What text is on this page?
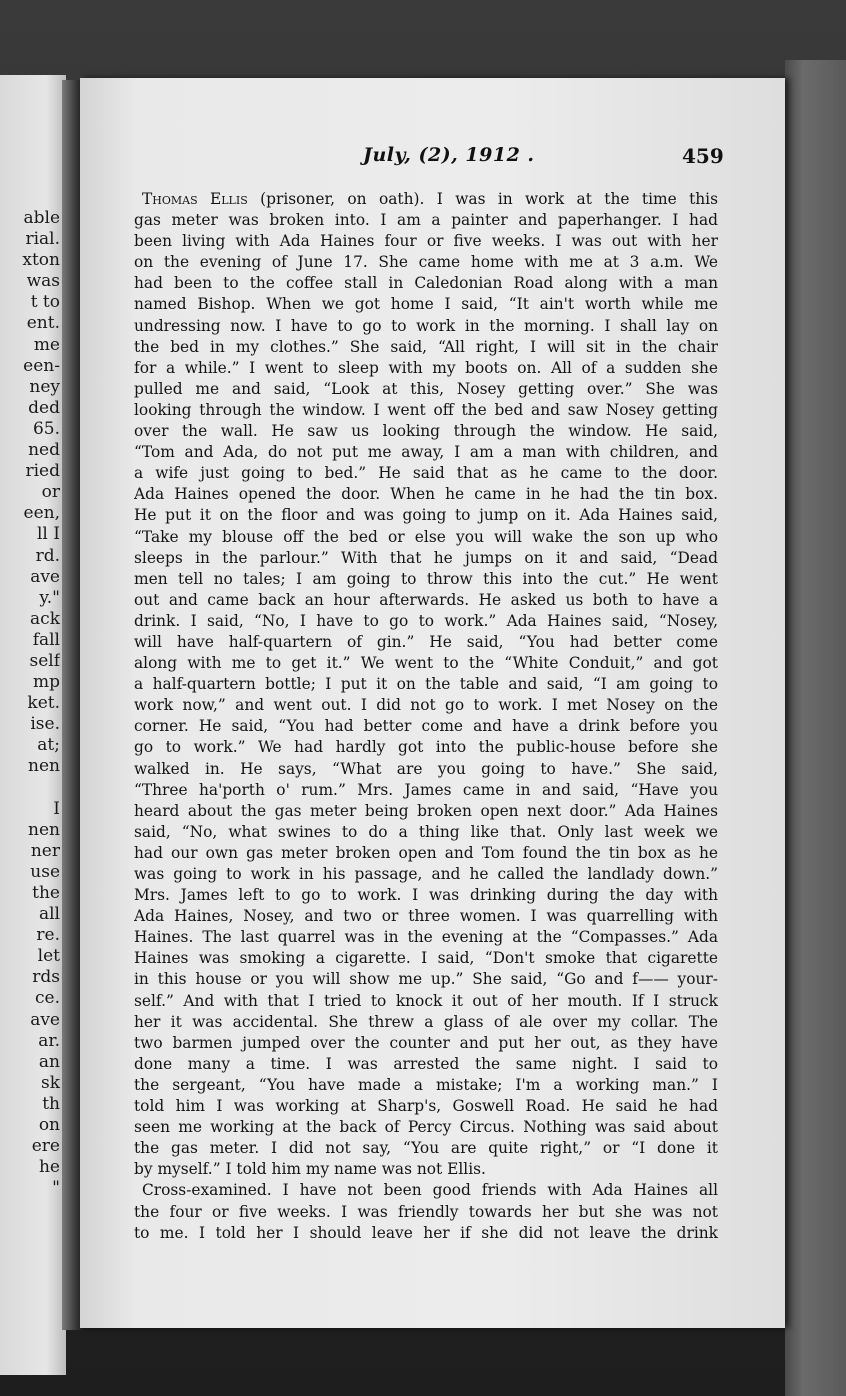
able
rial.
xton
was
t to
ent.
me
een-
ney
ded
65.
ned
ried
or
een,
ll I
rd.
ave
y."
ack
fall
self
mp
ket.
ise.
at;
nen
I
nen
ner
use
the
all
re.
let
rds
ce.
ave
ar.
an
sk
th
on
ere
he
"
July, (2), 1912 .	459
Thomas Ellis (prisoner, on oath). I was in work at the time this
gas meter was broken into. I am a painter and paperhanger. I had
been living with Ada Haines four or five weeks. I was out with her
on the evening of June 17. She came home with me at 3 a.m. We
had been to the coffee stall in Caledonian Road along with a man
named Bishop. When we got home I said, “It ain't worth while me
undressing now. I have to go to work in the morning. I shall lay on
the bed in my clothes.” She said, “All right, I will sit in the chair
for a while.” I went to sleep with my boots on. All of a sudden she
pulled me and said, “Look at this, Nosey getting over.” She was
looking through the window. I went off the bed and saw Nosey getting
over the wall. He saw us looking through the window. He said,
“Tom and Ada, do not put me away, I am a man with children, and
a wife just going to bed.” He said that as he came to the door.
Ada Haines opened the door. When he came in he had the tin box.
He put it on the floor and was going to jump on it. Ada Haines said,
“Take my blouse off the bed or else you will wake the son up who
sleeps in the parlour.” With that he jumps on it and said, “Dead
men tell no tales; I am going to throw this into the cut.” He went
out and came back an hour afterwards. He asked us both to have a
drink. I said, “No, I have to go to work.” Ada Haines said, “Nosey,
will have half-quartern of gin.” He said, “You had better come
along with me to get it.” We went to the “White Conduit,” and got
a half-quartern bottle; I put it on the table and said, “I am going to
work now,” and went out. I did not go to work. I met Nosey on the
corner. He said, “You had better come and have a drink before you
go to work.” We had hardly got into the public-house before she
walked in. He says, “What are you going to have.” She said,
“Three ha'porth o' rum.” Mrs. James came in and said, “Have you
heard about the gas meter being broken open next door.” Ada Haines
said, “No, what swines to do a thing like that. Only last week we
had our own gas meter broken open and Tom found the tin box as he
was going to work in his passage, and he called the landlady down.”
Mrs. James left to go to work. I was drinking during the day with
Ada Haines, Nosey, and two or three women. I was quarrelling with
Haines. The last quarrel was in the evening at the “Compasses.” Ada
Haines was smoking a cigarette. I said, “Don't smoke that cigarette
in this house or you will show me up.” She said, “Go and f—— your-
self.” And with that I tried to knock it out of her mouth. If I struck
her it was accidental. She threw a glass of ale over my collar. The
two barmen jumped over the counter and put her out, as they have
done many a time. I was arrested the same night. I said to
the sergeant, “You have made a mistake; I'm a working man.” I
told him I was working at Sharp's, Goswell Road. He said he had
seen me working at the back of Percy Circus. Nothing was said about
the gas meter. I did not say, “You are quite right,” or “I done it
by myself.” I told him my name was not Ellis.
Cross-examined. I have not been good friends with Ada Haines all
the four or five weeks. I was friendly towards her but she was not
to me. I told her I should leave her if she did not leave the drink
